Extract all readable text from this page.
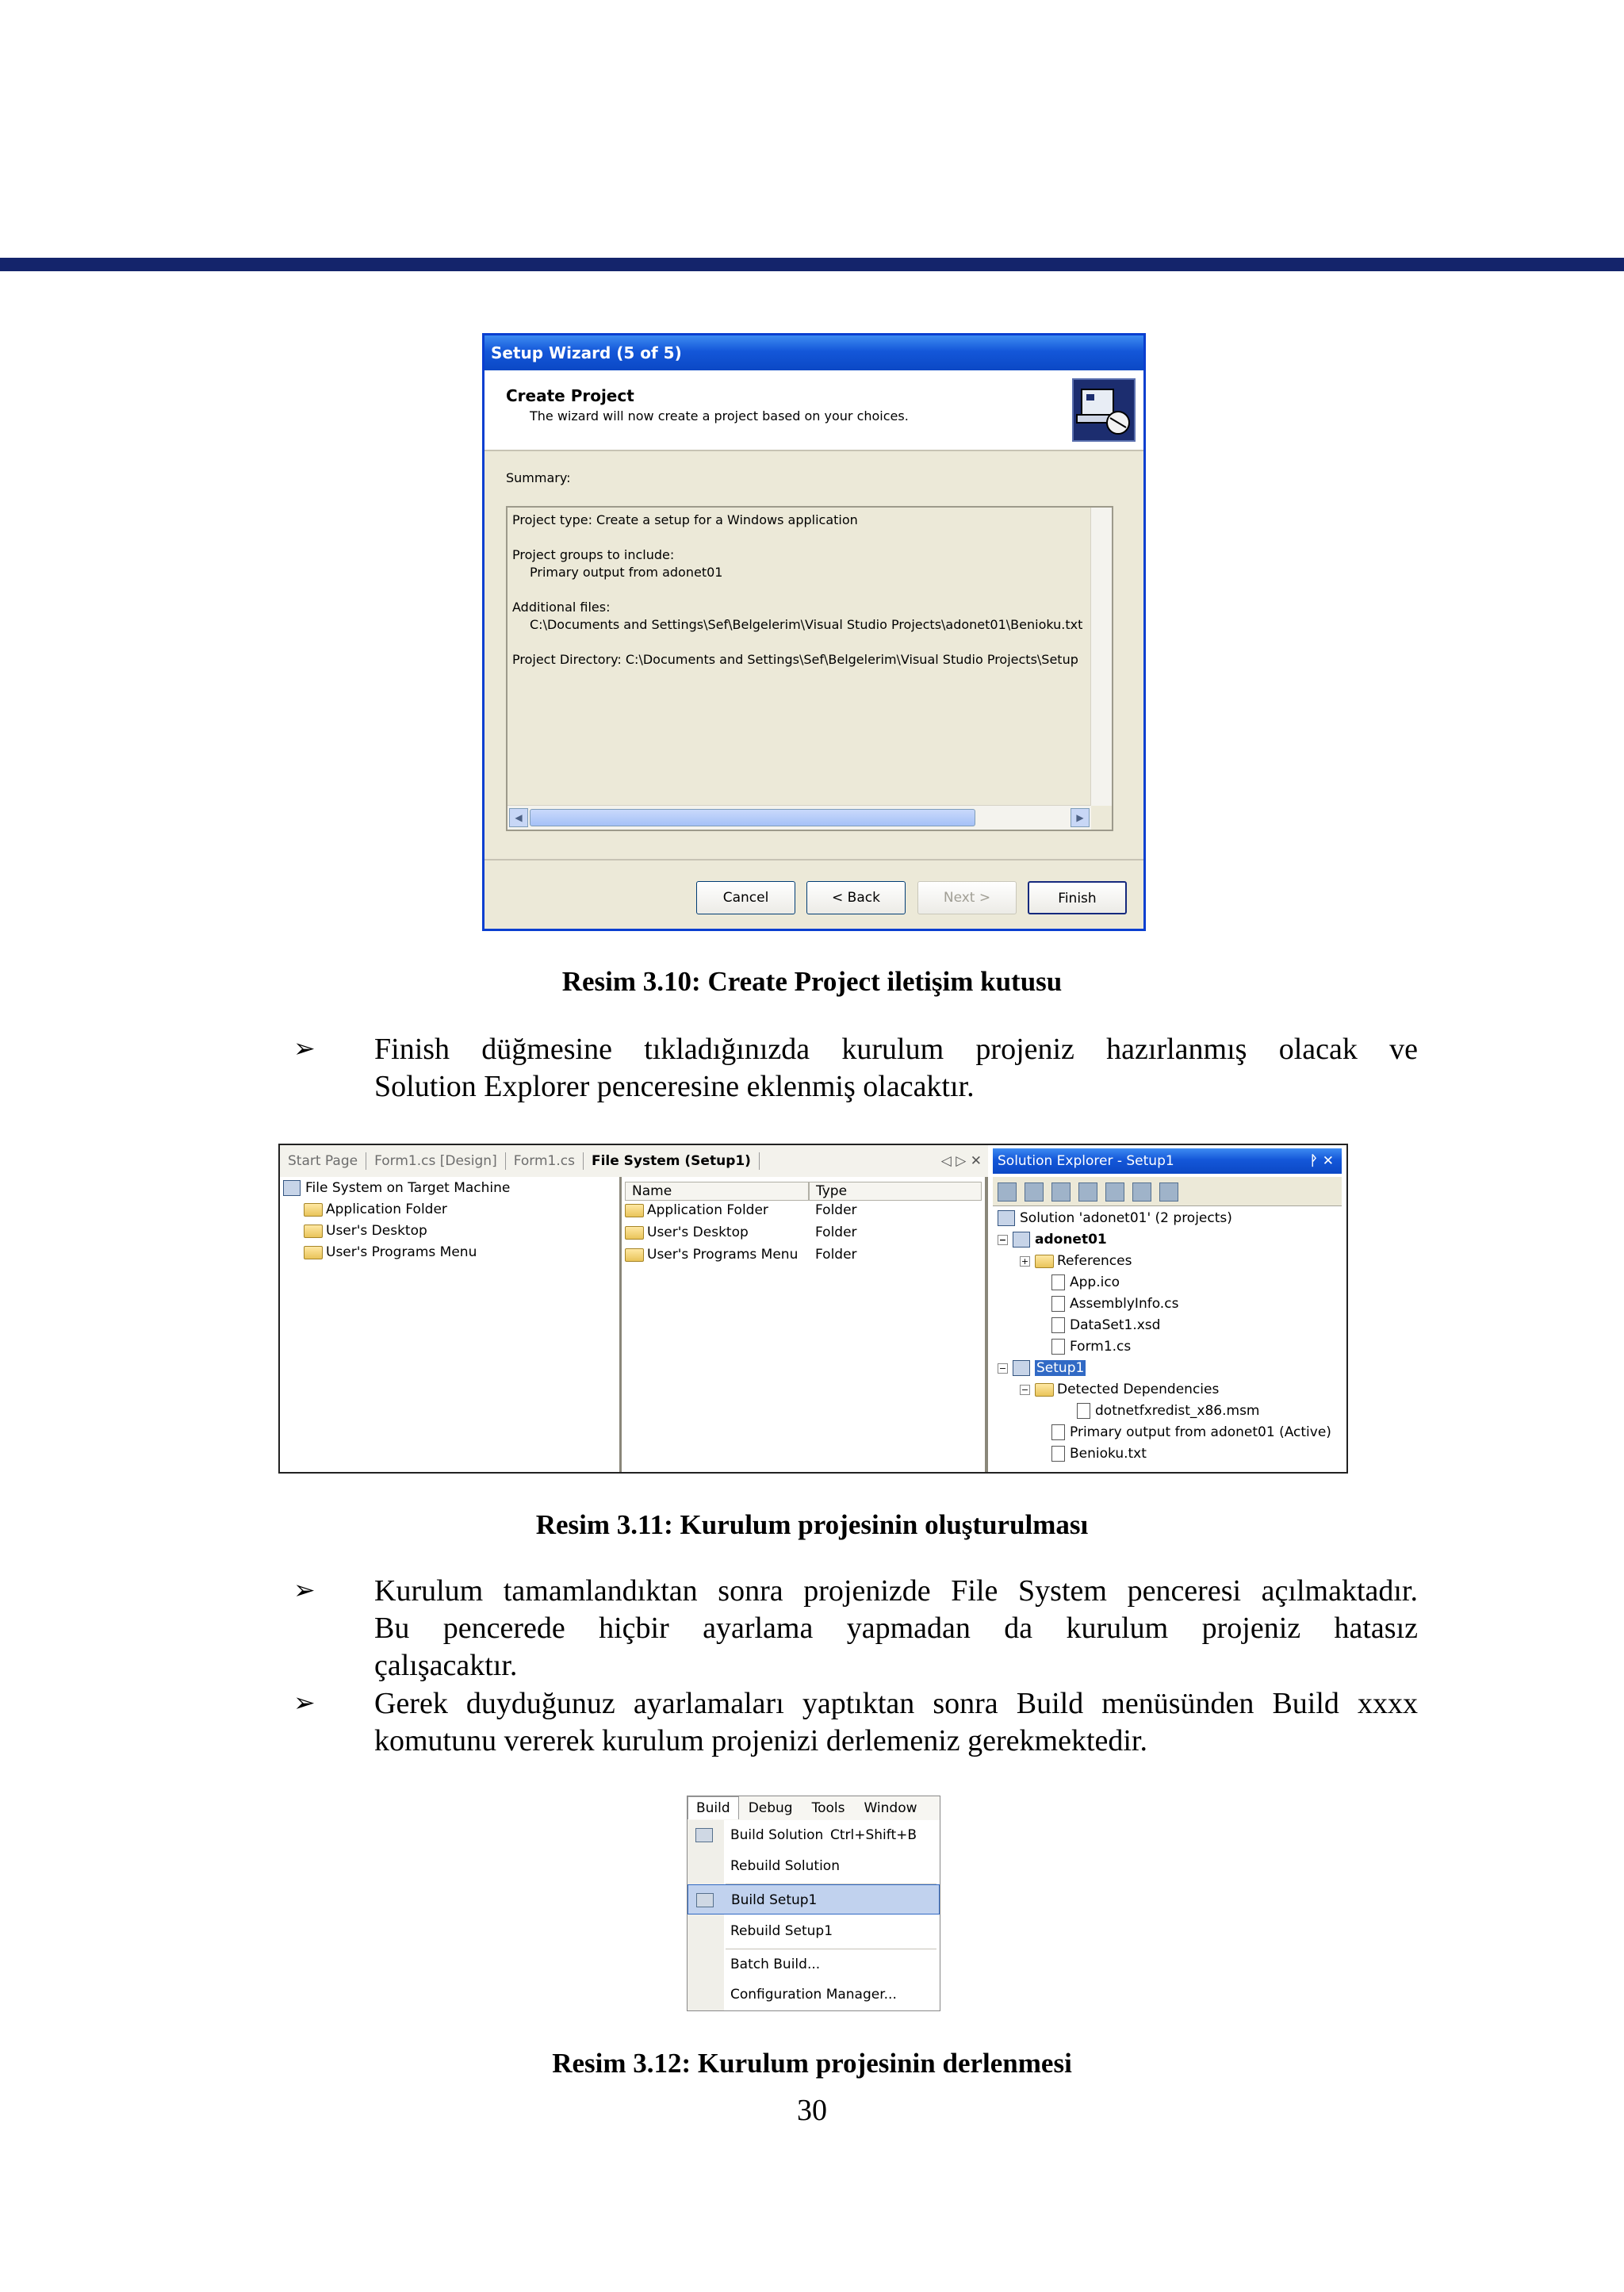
Setup Wizard (5 of 5)
Create Project
The wizard will now create a project based on your choices.
Summary:
Project type: Create a setup for a Windows application
Project groups to include:
Primary output from adonet01
Additional files:
C:\Documents and Settings\Sef\Belgelerim\Visual Studio Projects\adonet01\Benioku.txt
Project Directory: C:\Documents and Settings\Sef\Belgelerim\Visual Studio Projects\Setup
◀	▶
Cancel	< Back	Next >	Finish
Resim 3.10: Create Project iletişim kutusu
➢ Finish düğmesine tıkladığınızda kurulum projeniz hazırlanmış olacak ve
Solution Explorer penceresine eklenmiş olacaktır.
Start Page Form1.cs [Design] Form1.cs File System (Setup1)	◁ ▷ ✕
File System on Target Machine
Application Folder
User's Desktop
User's Programs Menu
Name	Type
Application Folder	Folder
User's Desktop	Folder
User's Programs Menu Folder
Solution Explorer - Setup1	ᚹ ✕
Solution 'adonet01' (2 projects)
− adonet01
+ References
App.ico
AssemblyInfo.cs
DataSet1.xsd
Form1.cs
− Setup1
− Detected Dependencies
dotnetfxredist_x86.msm
Primary output from adonet01 (Active)
Benioku.txt
Resim 3.11: Kurulum projesinin oluşturulması
➢ Kurulum tamamlandıktan sonra projenizde File System penceresi açılmaktadır.
Bu pencerede hiçbir ayarlama yapmadan da kurulum projeniz hatasız
çalışacaktır.
➢ Gerek duyduğunuz ayarlamaları yaptıktan sonra Build menüsünden Build xxxx
komutunu vererek kurulum projenizi derlemeniz gerekmektedir.
Build Debug Tools Window
Build Solution Ctrl+Shift+B
Rebuild Solution
Build Setup1
Rebuild Setup1
Batch Build...
Configuration Manager...
Resim 3.12: Kurulum projesinin derlenmesi
30
